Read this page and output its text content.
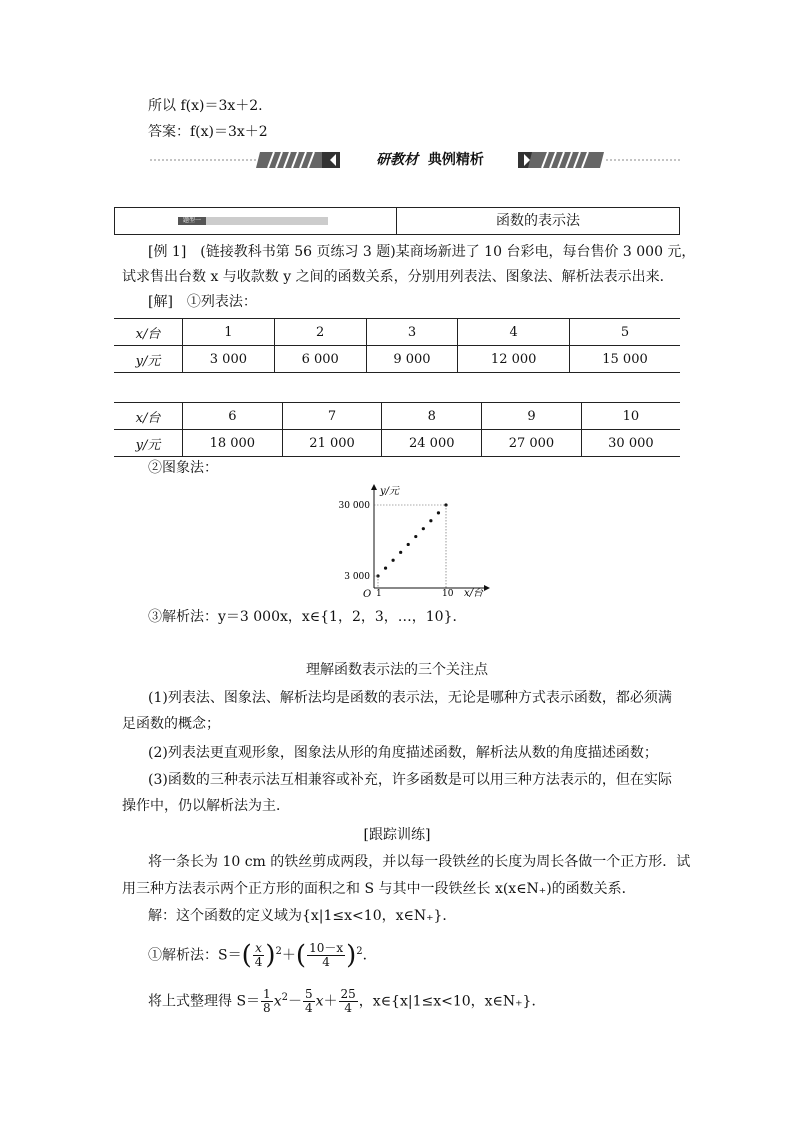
所以 f(x)＝3x＋2.
答案：f(x)＝3x＋2
研教材 典例精析
题型一	函数的表示法
[例 1]　(链接教科书第 56 页练习 3 题)某商场新进了 10 台彩电，每台售价 3 000 元，
试求售出台数 x 与收款数 y 之间的函数关系，分别用列表法、图象法、解析法表示出来．
[解]　①列表法：
x/台	1	2	3	4	5
y/元	3 000	6 000	9 000	12 000	15 000
x/台	6	7	8	9	10
y/元	18 000	21 000	24 000	27 000	30 000
②图象法：
y/元
x/台
O
30 000
3 000
1	10
③解析法：y＝3 000x，x∈{1，2，3，…，10}．
理解函数表示法的三个关注点
(1)列表法、图象法、解析法均是函数的表示法，无论是哪种方式表示函数，都必须满
足函数的概念；
(2)列表法更直观形象，图象法从形的角度描述函数，解析法从数的角度描述函数；
(3)函数的三种表示法互相兼容或补充，许多函数是可以用三种方法表示的，但在实际
操作中，仍以解析法为主．
[跟踪训练]
将一条长为 10 cm 的铁丝剪成两段，并以每一段铁丝的长度为周长各做一个正方形．试
用三种方法表示两个正方形的面积之和 S 与其中一段铁丝长 x(x∈N₊)的函数关系．
解：这个函数的定义域为{x|1≤x<10，x∈N₊}．
①解析法：$S=( \frac{x}{4} )^2+( \frac{10-x}{4} )^2$．
将上式整理得 $S= \frac{1}{8} x^2- \frac{5}{4} x+ \frac{25}{4}$ ，x∈{x|1≤x<10，x∈N₊}．
